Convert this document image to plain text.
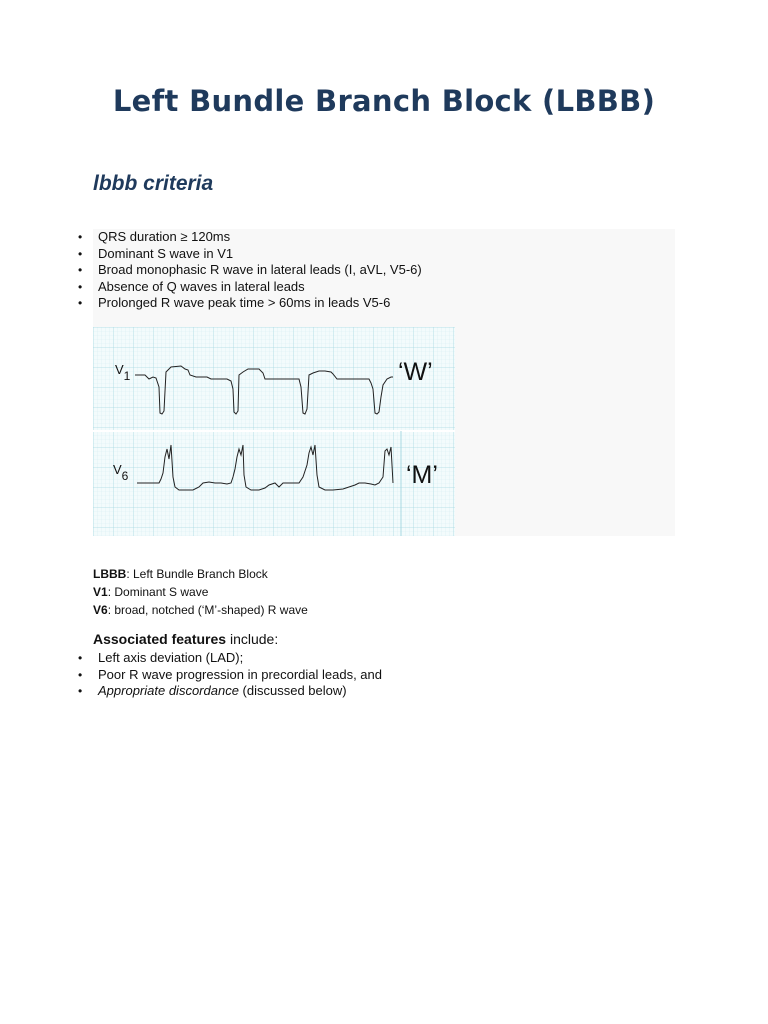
Left Bundle Branch Block (LBBB)
lbbb criteria
• QRS duration ≥ 120ms
• Dominant S wave in V1
• Broad monophasic R wave in lateral leads (I, aVL, V5-6)
• Absence of Q waves in lateral leads
• Prolonged R wave peak time > 60ms in leads V5-6
V1
V6
‘W’
‘M’
LBBB: Left Bundle Branch Block
V1: Dominant S wave
V6: broad, notched (‘M’-shaped) R wave
Associated features include:
• Left axis deviation (LAD);
• Poor R wave progression in precordial leads, and
• Appropriate discordance (discussed below)
